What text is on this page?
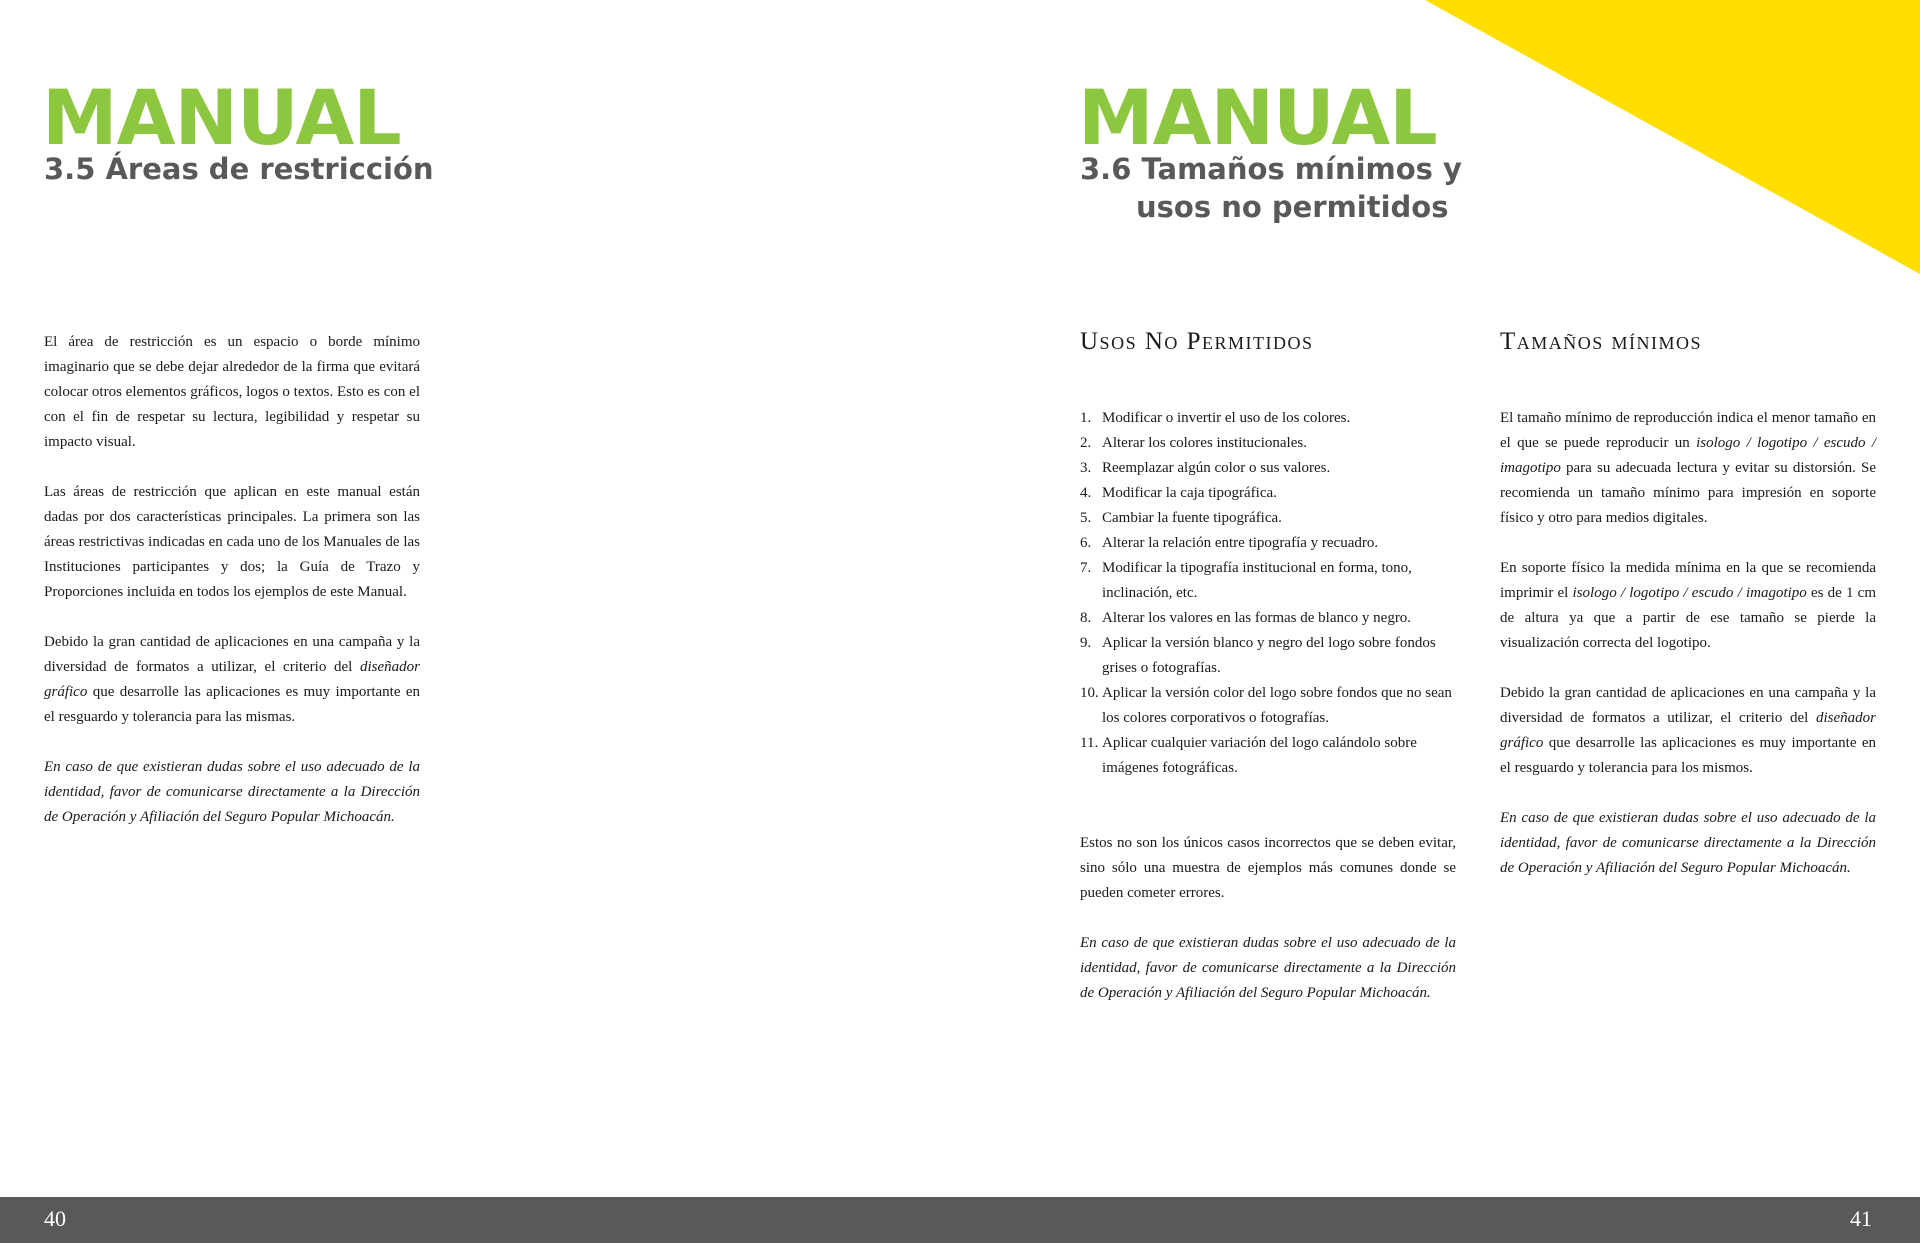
MANUAL
3.5 Áreas de restricción

El área de restricción es un espacio o borde mínimo imaginario que se debe dejar alrededor de la firma que evitará colocar otros elementos gráficos, logos o textos. Esto es con el con el fin de respetar su lectura, legibilidad y respetar su impacto visual.

Las áreas de restricción que aplican en este manual están dadas por dos características principales. La primera son las áreas restrictivas indicadas en cada uno de los Manuales de las Instituciones participantes y dos; la Guía de Trazo y Proporciones incluida en todos los ejemplos de este Manual.

Debido la gran cantidad de aplicaciones en una campaña y la diversidad de formatos a utilizar, el criterio del diseñador gráfico que desarrolle las aplicaciones es muy importante en el resguardo y tolerancia para las mismas.

En caso de que existieran dudas sobre el uso adecuado de la identidad, favor de comunicarse directamente a la Dirección de Operación y Afiliación del Seguro Popular Michoacán.

MANUAL
3.6 Tamaños mínimos y
usos no permitidos
Usos No Permitidos
1. Modificar o invertir el uso de los colores.
2. Alterar los colores institucionales.
3. Reemplazar algún color o sus valores.
4. Modificar la caja tipográfica.
5. Cambiar la fuente tipográfica.
6. Alterar la relación entre tipografía y recuadro.
7. Modificar la tipografía institucional en forma, tono, inclinación, etc.
8. Alterar los valores en las formas de blanco y negro.
9. Aplicar la versión blanco y negro del logo sobre fondos grises o fotografías.
10. Aplicar la versión color del logo sobre fondos que no sean los colores corporativos o fotografías.
11. Aplicar cualquier variación del logo calándolo sobre imágenes fotográficas.

Estos no son los únicos casos incorrectos que se deben evitar, sino sólo una muestra de ejemplos más comunes donde se pueden cometer errores.

En caso de que existieran dudas sobre el uso adecuado de la identidad, favor de comunicarse directamente a la Dirección de Operación y Afiliación del Seguro Popular Michoacán.

Tamaños mínimos

El tamaño mínimo de reproducción indica el menor tamaño en el que se puede reproducir un isologo / logotipo / escudo / imagotipo para su adecuada lectura y evitar su distorsión. Se recomienda un tamaño mínimo para impresión en soporte físico y otro para medios digitales.

En soporte físico la medida mínima en la que se recomienda imprimir el isologo / logotipo / escudo / imagotipo es de 1 cm de altura ya que a partir de ese tamaño se pierde la visualización correcta del logotipo.

Debido la gran cantidad de aplicaciones en una campaña y la diversidad de formatos a utilizar, el criterio del diseñador gráfico que desarrolle las aplicaciones es muy importante en el resguardo y tolerancia para los mismos.

En caso de que existieran dudas sobre el uso adecuado de la identidad, favor de comunicarse directamente a la Dirección de Operación y Afiliación del Seguro Popular Michoacán.

40	41
